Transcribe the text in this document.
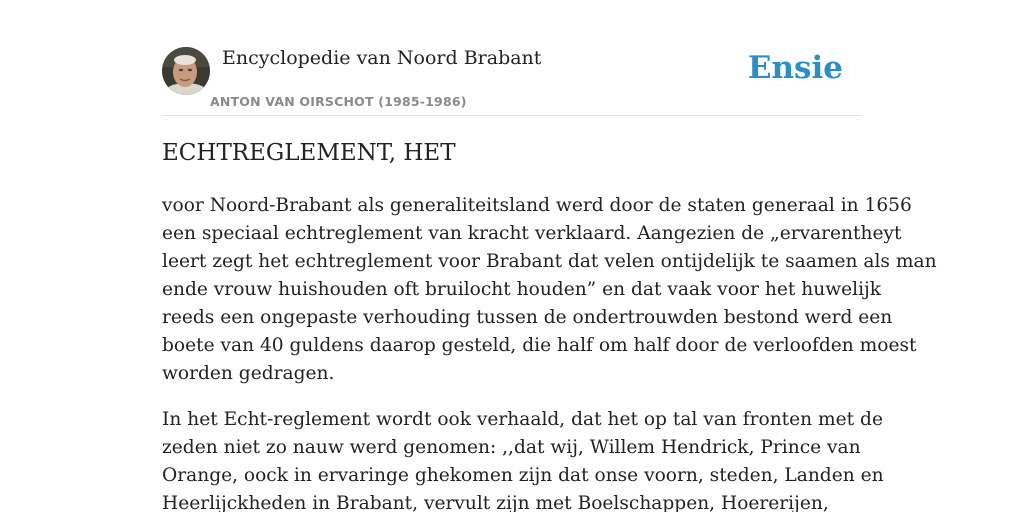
Encyclopedie van Noord Brabant
ANTON VAN OIRSCHOT (1985-1986)
Ensie
ECHTREGLEMENT, HET

voor Noord-Brabant als generaliteitsland werd door de staten generaal in 1656
een speciaal echtreglement van kracht verklaard. Aangezien de „ervarentheyt
leert zegt het echtreglement voor Brabant dat velen ontijdelijk te saamen als man
ende vrouw huishouden oft bruilocht houden” en dat vaak voor het huwelijk
reeds een ongepaste verhouding tussen de ondertrouwden bestond werd een
boete van 40 guldens daarop gesteld, die half om half door de verloofden moest
worden gedragen.

In het Echt-reglement wordt ook verhaald, dat het op tal van fronten met de
zeden niet zo nauw werd genomen: ,,dat wij, Willem Hendrick, Prince van
Orange, oock in ervaringe ghekomen zijn dat onse voorn, steden, Landen en
Heerlijckheden in Brabant, vervult zijn met Boelschappen, Hoererijen,
